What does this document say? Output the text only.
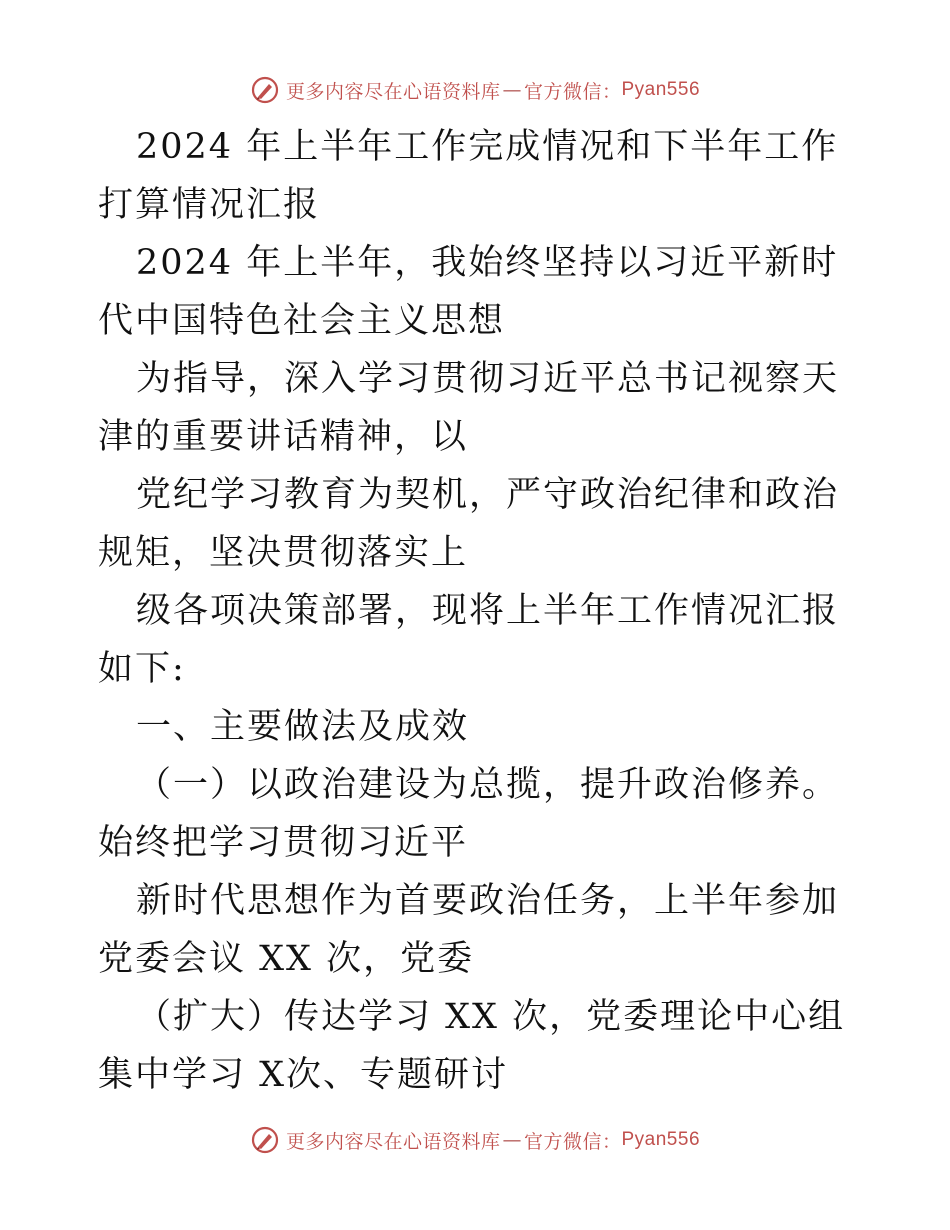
更多内容尽在心语资料库 — 官方微信： Pyan556

2024 年上半年工作完成情况和下半年工作打算情况汇报

2024 年上半年，我始终坚持以习近平新时代中国特色社会主义思想

为指导，深入学习贯彻习近平总书记视察天津的重要讲话精神，以

党纪学习教育为契机，严守政治纪律和政治规矩，坚决贯彻落实上

级各项决策部署，现将上半年工作情况汇报如下:

一、主要做法及成效

（一）以政治建设为总揽，提升政治修养。始终把学习贯彻习近平

新时代思想作为首要政治任务，上半年参加党委会议 XX 次，党委

（扩大）传达学习 XX 次，党委理论中心组集中学习 X次、专题研讨

更多内容尽在心语资料库 — 官方微信： Pyan556
